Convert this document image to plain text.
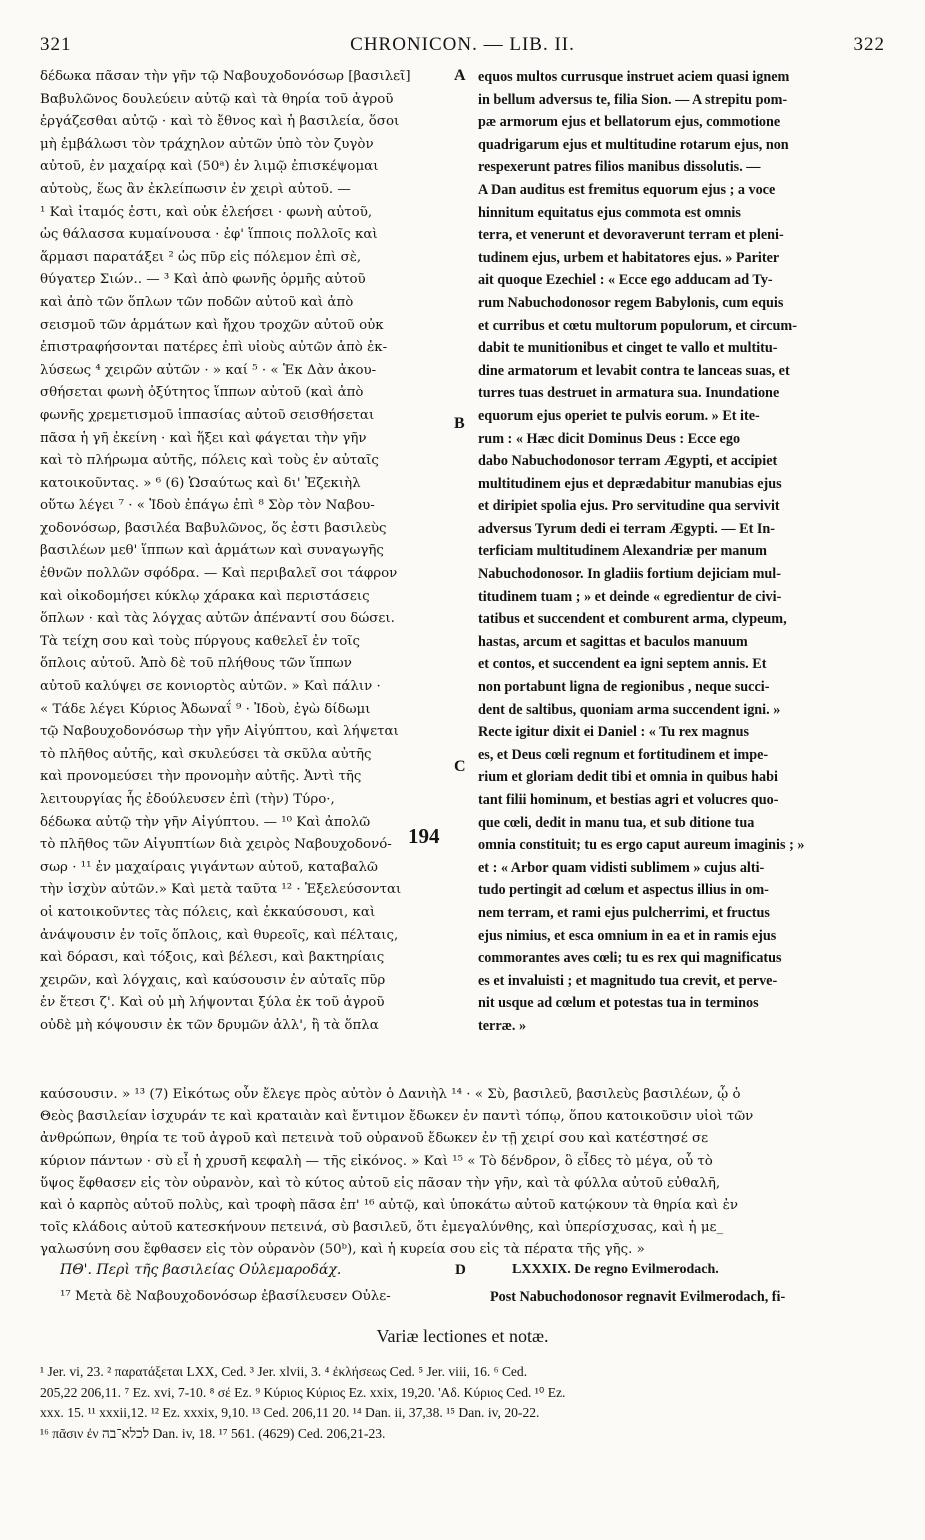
321	CHRONICON. — LIB. II.	322
δέδωκα πᾶσαν τὴν γῆν τῷ Ναβουχοδονόσωρ [βασιλεῖ]
Βαβυλῶνος δουλεύειν αὐτῷ καὶ τὰ θηρία τοῦ ἀγροῦ
ἐργάζεσθαι αὐτῷ · καὶ τὸ ἔθνος καὶ ἡ βασιλεία, ὅσοι
μὴ ἐμβάλωσι τὸν τράχηλον αὐτῶν ὑπὸ τὸν ζυγὸν
αὐτοῦ, ἐν μαχαίρᾳ καὶ (50ᵃ) ἐν λιμῷ ἐπισκέψομαι
αὐτοὺς, ἕως ἂν ἐκλείπωσιν ἐν χειρὶ αὐτοῦ. —
¹ Καὶ ἰταμός ἐστι, καὶ οὐκ ἐλεήσει · φωνὴ αὐτοῦ,
ὡς θάλασσα κυμαίνουσα · ἐφ' ἵπποις πολλοῖς καὶ
ἅρμασι παρατάξει ² ὡς πῦρ εἰς πόλεμον ἐπὶ σὲ,
θύγατερ Σιών.. — ³ Καὶ ἀπὸ φωνῆς ὁρμῆς αὐτοῦ
καὶ ἀπὸ τῶν ὅπλων τῶν ποδῶν αὐτοῦ καὶ ἀπὸ
σεισμοῦ τῶν ἁρμάτων καὶ ἤχου τροχῶν αὐτοῦ οὐκ
ἐπιστραφήσονται πατέρες ἐπὶ υἱοὺς αὐτῶν ἀπὸ ἐκ-
λύσεως ⁴ χειρῶν αὐτῶν · » καί ⁵ · « Ἐκ Δὰν ἀκου-
σθήσεται φωνὴ ὀξύτητος ἵππων αὐτοῦ (καὶ ἀπὸ
φωνῆς χρεμετισμοῦ ἱππασίας αὐτοῦ σεισθήσεται
πᾶσα ἡ γῆ ἐκείνη · καὶ ἥξει καὶ φάγεται τὴν γῆν
καὶ τὸ πλήρωμα αὐτῆς, πόλεις καὶ τοὺς ἐν αὐταῖς
κατοικοῦντας. » ⁶ (6) Ὡσαύτως καὶ δι' Ἐζεκιὴλ
οὕτω λέγει ⁷ · « Ἰδοὺ ἐπάγω ἐπὶ ⁸ Σὸρ τὸν Ναβου-
χοδονόσωρ, βασιλέα Βαβυλῶνος, ὅς ἐστι βασιλεὺς
βασιλέων μεθ' ἵππων καὶ ἁρμάτων καὶ συναγωγῆς
ἐθνῶν πολλῶν σφόδρα. — Καὶ περιβαλεῖ σοι τάφρον
καὶ οἰκοδομήσει κύκλῳ χάρακα καὶ περιστάσεις
ὅπλων · καὶ τὰς λόγχας αὐτῶν ἀπέναντί σου δώσει.
Τὰ τείχη σου καὶ τοὺς πύργους καθελεῖ ἐν τοῖς
ὅπλοις αὐτοῦ. Ἀπὸ δὲ τοῦ πλήθους τῶν ἵππων
αὐτοῦ καλύψει σε κονιορτὸς αὐτῶν. » Καὶ πάλιν ·
« Τάδε λέγει Κύριος Ἀδωναΐ ⁹ · Ἰδοὺ, ἐγὼ δίδωμι
τῷ Ναβουχοδονόσωρ τὴν γῆν Αἰγύπτου, καὶ λήψεται
τὸ πλῆθος αὐτῆς, καὶ σκυλεύσει τὰ σκῦλα αὐτῆς
καὶ προνομεύσει τὴν προνομὴν αὐτῆς. Ἀντὶ τῆς
λειτουργίας ἧς ἐδούλευσεν ἐπὶ (τὴν) Τύρο·,
δέδωκα αὐτῷ τὴν γῆν Αἰγύπτου. — ¹⁰ Καὶ ἀπολῶ
τὸ πλῆθος τῶν Αἰγυπτίων διὰ χειρὸς Ναβουχοδονό-
σωρ · ¹¹ ἐν μαχαίραις γιγάντων αὐτοῦ, καταβαλῶ
τὴν ἰσχὺν αὐτῶν.» Καὶ μετὰ ταῦτα ¹² · Ἐξελεύσονται
οἱ κατοικοῦντες τὰς πόλεις, καὶ ἐκκαύσουσι, καὶ
ἀνάψουσιν ἐν τοῖς ὅπλοις, καὶ θυρεοῖς, καὶ πέλταις,
καὶ δόρασι, καὶ τόξοις, καὶ βέλεσι, καὶ βακτηρίαις
χειρῶν, καὶ λόγχαις, καὶ καύσουσιν ἐν αὐταῖς πῦρ
ἐν ἔτεσι ζ'. Καὶ οὐ μὴ λήψονται ξύλα ἐκ τοῦ ἀγροῦ
οὐδὲ μὴ κόψουσιν ἐκ τῶν δρυμῶν ἀλλ', ἢ τὰ ὅπλα
equos multos currusque instruet aciem quasi ignem
in bellum adversus te, filia Sion. — A strepitu pom-
pæ armorum ejus et bellatorum ejus, commotione
quadrigarum ejus et multitudine rotarum ejus, non
respexerunt patres filios manibus dissolutis. —
A Dan auditus est fremitus equorum ejus ; a voce
hinnitum equitatus ejus commota est omnis
terra, et venerunt et devoraverunt terram et pleni-
tudinem ejus, urbem et habitatores ejus. » Pariter
ait quoque Ezechiel : « Ecce ego adducam ad Ty-
rum Nabuchodonosor regem Babylonis, cum equis
et curribus et cœtu multorum populorum, et circum-
dabit te munitionibus et cinget te vallo et multitu-
dine armatorum et levabit contra te lanceas suas, et
turres tuas destruet in armatura sua. Inundatione
equorum ejus operiet te pulvis eorum. » Et ite-
rum : « Hæc dicit Dominus Deus : Ecce ego
dabo Nabuchodonosor terram Ægypti, et accipiet
multitudinem ejus et deprædabitur manubias ejus
et diripiet spolia ejus. Pro servitudine qua servivit
adversus Tyrum dedi ei terram Ægypti. — Et In-
terficiam multitudinem Alexandriæ per manum
Nabuchodonosor. In gladiis fortium dejiciam mul-
titudinem tuam ; » et deinde « egredientur de civi-
tatibus et succendent et comburent arma, clypeum,
hastas, arcum et sagittas et baculos manuum
et contos, et succendent ea igni septem annis. Et
non portabunt ligna de regionibus , neque succi-
dent de saltibus, quoniam arma succendent igni. »
Recte igitur dixit ei Daniel : « Tu rex magnus
es, et Deus cœli regnum et fortitudinem et impe-
rium et gloriam dedit tibi et omnia in quibus habi
tant filii hominum, et bestias agri et volucres quo-
que cœli, dedit in manu tua, et sub ditione tua
omnia constituit; tu es ergo caput aureum imaginis ; »
et : « Arbor quam vidisti sublimem » cujus alti-
tudo pertingit ad cœlum et aspectus illius in om-
nem terram, et rami ejus pulcherrimi, et fructus
ejus nimius, et esca omnium in ea et in ramis ejus
commorantes aves cœli; tu es rex qui magnificatus
es et invaluisti ; et magnitudo tua crevit, et perve-
nit usque ad cœlum et potestas tua in terminos
terræ. »
A
B
C
194
καύσουσιν. » ¹³ (7) Εἰκότως οὖν ἔλεγε πρὸς αὐτὸν ὁ Δανιὴλ ¹⁴ · « Σὺ, βασιλεῦ, βασιλεὺς βασιλέων, ᾧ ὁ
Θεὸς βασιλείαν ἰσχυράν τε καὶ κραταιὰν καὶ ἔντιμον ἔδωκεν ἐν παντὶ τόπῳ, ὅπου κατοικοῦσιν υἱοὶ τῶν
ἀνθρώπων, θηρία τε τοῦ ἀγροῦ καὶ πετεινὰ τοῦ οὐρανοῦ ἔδωκεν ἐν τῇ χειρί σου καὶ κατέστησέ σε
κύριον πάντων · σὺ εἶ ἡ χρυσῆ κεφαλὴ — τῆς εἰκόνος. » Καὶ ¹⁵ « Τὸ δένδρον, ὃ εἶδες τὸ μέγα, οὗ τὸ
ὕψος ἔφθασεν εἰς τὸν οὐρανὸν, καὶ τὸ κύτος αὐτοῦ εἰς πᾶσαν τὴν γῆν, καὶ τὰ φύλλα αὐτοῦ εὐθαλῆ,
καὶ ὁ καρπὸς αὐτοῦ πολὺς, καὶ τροφὴ πᾶσα ἐπ' ¹⁶ αὐτῷ, καὶ ὑποκάτω αὐτοῦ κατῴκουν τὰ θηρία καὶ ἐν
τοῖς κλάδοις αὐτοῦ κατεσκήνουν πετεινά, σὺ βασιλεῦ, ὅτι ἐμεγαλύνθης, καὶ ὑπερίσχυσας, καὶ ἡ με_
γαλωσύνη σου ἔφθασεν εἰς τὸν οὐρανὸν (50ᵇ), καὶ ἡ κυρεία σου εἰς τὰ πέρατα τῆς γῆς. »
ΠΘ'. Περὶ τῆς βασιλείας Οὐλεμαροδάχ.	D	LXXXIX. De regno Evilmerodach.
¹⁷ Μετὰ δὲ Ναβουχοδονόσωρ ἐβασίλευσεν Οὐλε-	Post Nabuchodonosor regnavit Evilmerodach, fi-
Variæ lectiones et notæ.
¹ Jer. vi, 23. ² παρατάξεται LXX, Ced. ³ Jer. xlvii, 3. ⁴ ἐκλήσεως Ced. ⁵ Jer. viii, 16. ⁶ Ced.
205,22 206,11. ⁷ Ez. xvi, 7-10. ⁸ σέ Ez. ⁹ Κύριος Κύριος Ez. xxix, 19,20. 'Αδ. Κύριος Ced. ¹⁰ Ez.
xxx. 15. ¹¹ xxxii,12. ¹² Ez. xxxix, 9,10. ¹³ Ced. 206,11 20. ¹⁴ Dan. ii, 37,38. ¹⁵ Dan. iv, 20-22.
¹⁶ πᾶσιν ἐν לכלא־בה Dan. iv, 18. ¹⁷ 561. (4629) Ced. 206,21-23.
